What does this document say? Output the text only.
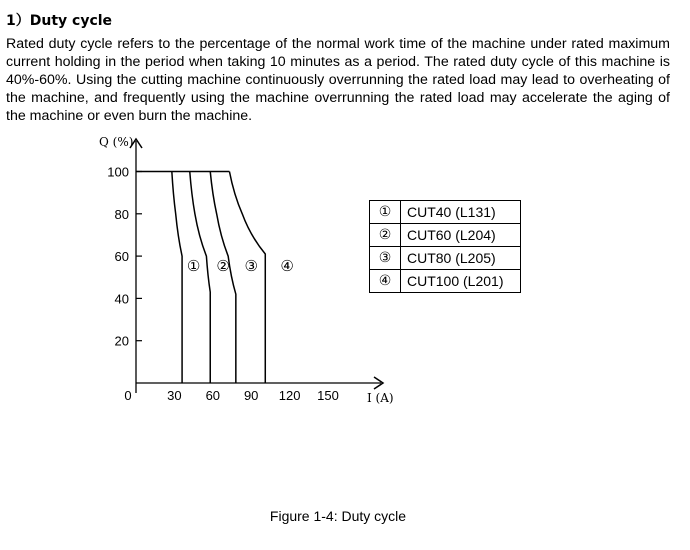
1）Duty cycle
Rated duty cycle refers to the percentage of the normal work time of the machine under rated maximum current holding in the period when taking 10 minutes as a period. The rated duty cycle of this machine is 40%-60%. Using the cutting machine continuously overrunning the rated load may lead to overheating of the machine, and frequently using the machine overrunning the rated load may accelerate the aging of the machine or even burn the machine.
Q (%)
I (A)
0	30 60 90 120 150
20
40
60
80
100
① ② ③ ④
①	CUT40 (L131)
②	CUT60 (L204)
③	CUT80 (L205)
④	CUT100 (L201)
Figure 1-4: Duty cycle
